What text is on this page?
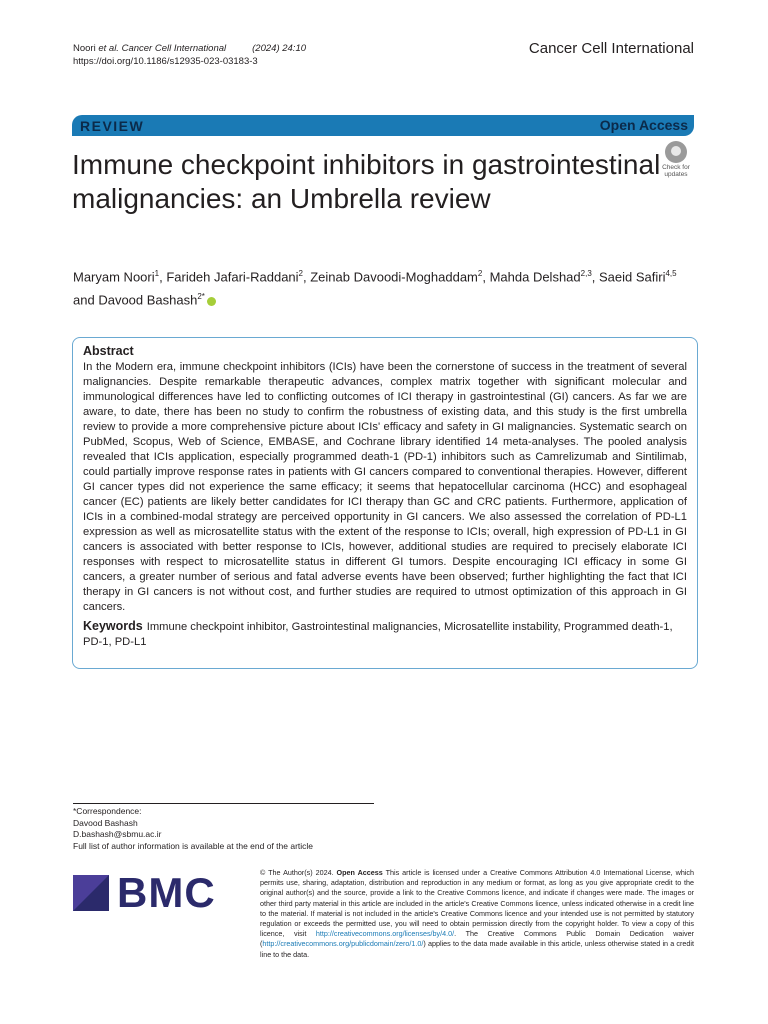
Noori et al. Cancer Cell International	(2024) 24:10
https://doi.org/10.1186/s12935-023-03183-3
Cancer Cell International
REVIEW	Open Access
Immune checkpoint inhibitors in gastrointestinal malignancies: an Umbrella review
Check for
updates
Maryam Noori$^1$, Farideh Jafari-Raddani$^2$, Zeinab Davoodi-Moghaddam$^2$, Mahda Delshad$^{2,3}$, Saeid Safiri$^{4,5}$ and Davood Bashash$^{2*}$
Abstract

In the Modern era, immune checkpoint inhibitors (ICIs) have been the cornerstone of success in the treatment of several malignancies. Despite remarkable therapeutic advances, complex matrix together with significant molecular and immunological differences have led to conflicting outcomes of ICI therapy in gastrointestinal (GI) cancers. As far we are aware, to date, there has been no study to confirm the robustness of existing data, and this study is the first umbrella review to provide a more comprehensive picture about ICIs' efficacy and safety in GI malignancies. Systematic search on PubMed, Scopus, Web of Science, EMBASE, and Cochrane library identified 14 meta-analyses. The pooled analysis revealed that ICIs application, especially programmed death-1 (PD-1) inhibitors such as Camrelizumab and Sintilimab, could partially improve response rates in patients with GI cancers compared to conventional therapies. However, different GI cancer types did not experience the same efficacy; it seems that hepatocellular carcinoma (HCC) and esophageal cancer (EC) patients are likely better candidates for ICI therapy than GC and CRC patients. Furthermore, application of ICIs in a combined-modal strategy are perceived opportunity in GI cancers. We also assessed the correlation of PD-L1 expression as well as microsatellite status with the extent of the response to ICIs; overall, high expression of PD-L1 in GI cancers is associated with better response to ICIs, however, additional studies are required to precisely elaborate ICI responses with respect to microsatellite status in different GI tumors. Despite encouraging ICI efficacy in some GI cancers, a greater number of serious and fatal adverse events have been observed; further highlighting the fact that ICI therapy in GI cancers is not without cost, and further studies are required to utmost optimization of this approach in GI cancers.

Keywords Immune checkpoint inhibitor, Gastrointestinal malignancies, Microsatellite instability, Programmed death-1, PD-1, PD-L1
*Correspondence:
Davood Bashash
D.bashash@sbmu.ac.ir
Full list of author information is available at the end of the article
BMC	© The Author(s) 2024. Open Access This article is licensed under a Creative Commons Attribution 4.0 International License, which permits use, sharing, adaptation, distribution and reproduction in any medium or format, as long as you give appropriate credit to the original author(s) and the source, provide a link to the Creative Commons licence, and indicate if changes were made. The images or other third party material in this article are included in the article's Creative Commons licence, unless indicated otherwise in a credit line to the material. If material is not included in the article's Creative Commons licence and your intended use is not permitted by statutory regulation or exceeds the permitted use, you will need to obtain permission directly from the copyright holder. To view a copy of this licence, visit http://creativecommons.org/licenses/by/4.0/. The Creative Commons Public Domain Dedication waiver (http://creativecommons.org/publicdomain/zero/1.0/) applies to the data made available in this article, unless otherwise stated in a credit line to the data.
